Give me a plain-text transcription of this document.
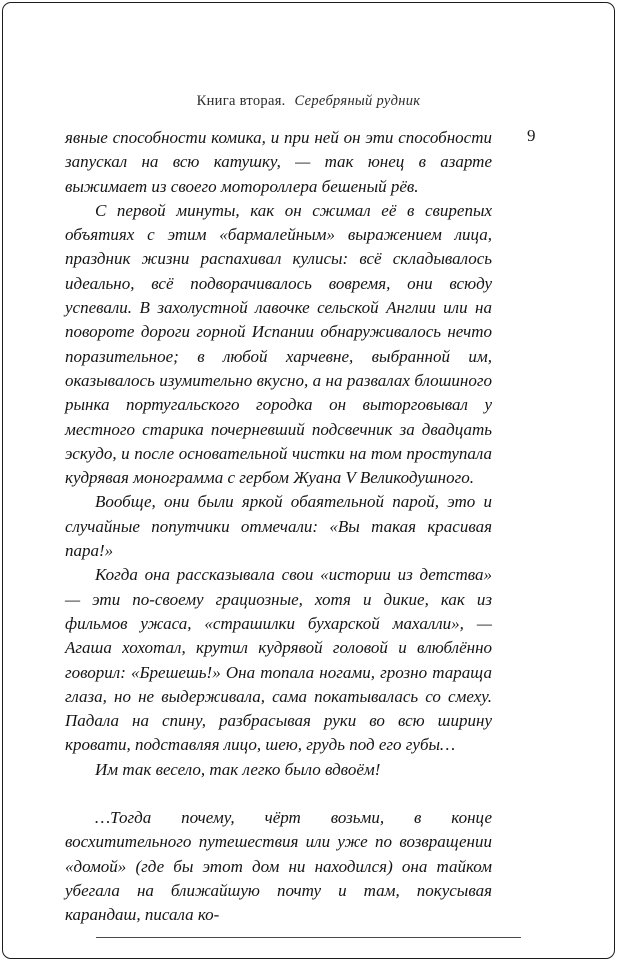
Книга вторая. Серебряный рудник
9

явные способности комика, и при ней он эти способности запускал на всю катушку, — так юнец в азарте выжимает из своего мотороллера бешеный рёв.

С первой минуты, как он сжимал её в свирепых объятиях с этим «бармалейным» выражением лица, праздник жизни распахивал кулисы: всё складывалось идеально, всё подворачивалось вовремя, они всюду успевали. В захолустной лавочке сельской Англии или на повороте дороги горной Испании обнаруживалось нечто поразительное; в любой харчевне, выбранной им, оказывалось изумительно вкусно, а на развалах блошиного рынка португальского городка он выторговывал у местного старика почерневший подсвечник за двадцать эскудо, и после основательной чистки на том проступала кудрявая монограмма с гербом Жуана V Великодушного.

Вообще, они были яркой обаятельной парой, это и случайные попутчики отмечали: «Вы такая красивая пара!»

Когда она рассказывала свои «истории из детства» — эти по-своему грациозные, хотя и дикие, как из фильмов ужаса, «страшилки бухарской махалли», — Агаша хохотал, крутил кудрявой головой и влюблённо говорил: «Брешешь!» Она топала ногами, грозно тараща глаза, но не выдерживала, сама покатывалась со смеху. Падала на спину, разбрасывая руки во всю ширину кровати, подставляя лицо, шею, грудь под его губы…

Им так весело, так легко было вдвоём!

…Тогда почему, чёрт возьми, в конце восхитительного путешествия или уже по возвращении «домой» (где бы этот дом ни находился) она тайком убегала на ближайшую почту и там, покусывая карандаш, писала ко-
